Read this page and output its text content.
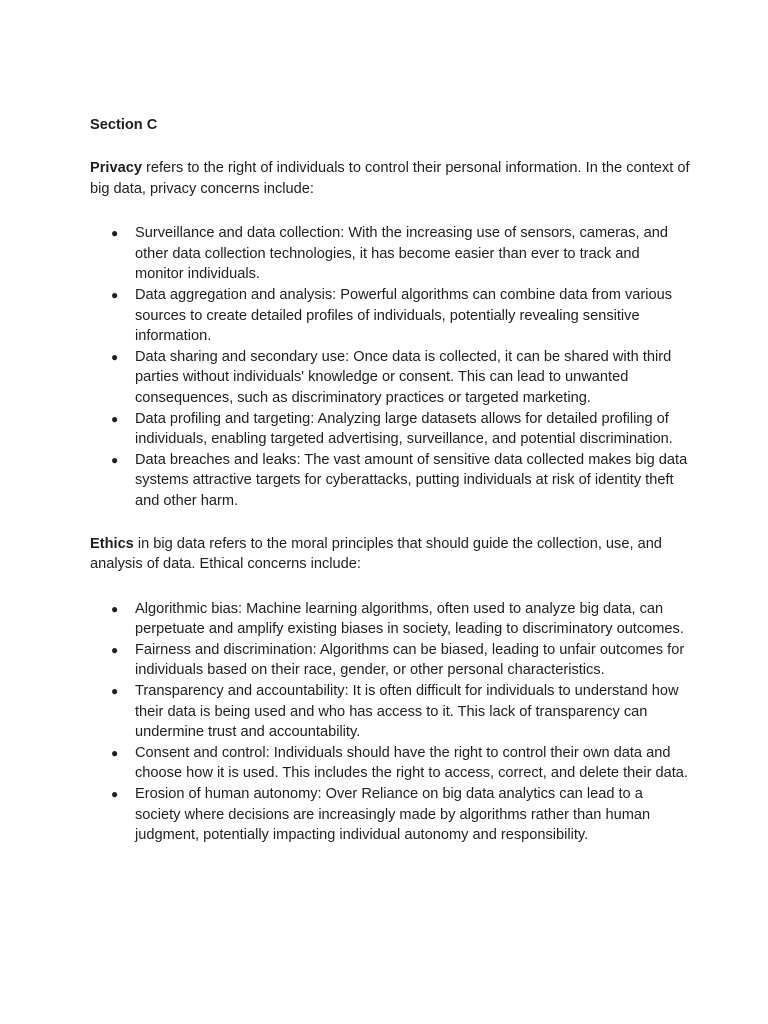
Section C

Privacy refers to the right of individuals to control their personal information. In the context of big data, privacy concerns include:

● Surveillance and data collection: With the increasing use of sensors, cameras, and other data collection technologies, it has become easier than ever to track and monitor individuals.
● Data aggregation and analysis: Powerful algorithms can combine data from various sources to create detailed profiles of individuals, potentially revealing sensitive information.
● Data sharing and secondary use: Once data is collected, it can be shared with third parties without individuals' knowledge or consent. This can lead to unwanted consequences, such as discriminatory practices or targeted marketing.
● Data profiling and targeting: Analyzing large datasets allows for detailed profiling of individuals, enabling targeted advertising, surveillance, and potential discrimination.
● Data breaches and leaks: The vast amount of sensitive data collected makes big data systems attractive targets for cyberattacks, putting individuals at risk of identity theft and other harm.

Ethics in big data refers to the moral principles that should guide the collection, use, and analysis of data. Ethical concerns include:

● Algorithmic bias: Machine learning algorithms, often used to analyze big data, can perpetuate and amplify existing biases in society, leading to discriminatory outcomes.
● Fairness and discrimination: Algorithms can be biased, leading to unfair outcomes for individuals based on their race, gender, or other personal characteristics.
● Transparency and accountability: It is often difficult for individuals to understand how their data is being used and who has access to it. This lack of transparency can undermine trust and accountability.
● Consent and control: Individuals should have the right to control their own data and choose how it is used. This includes the right to access, correct, and delete their data.
● Erosion of human autonomy: Over Reliance on big data analytics can lead to a society where decisions are increasingly made by algorithms rather than human judgment, potentially impacting individual autonomy and responsibility.
